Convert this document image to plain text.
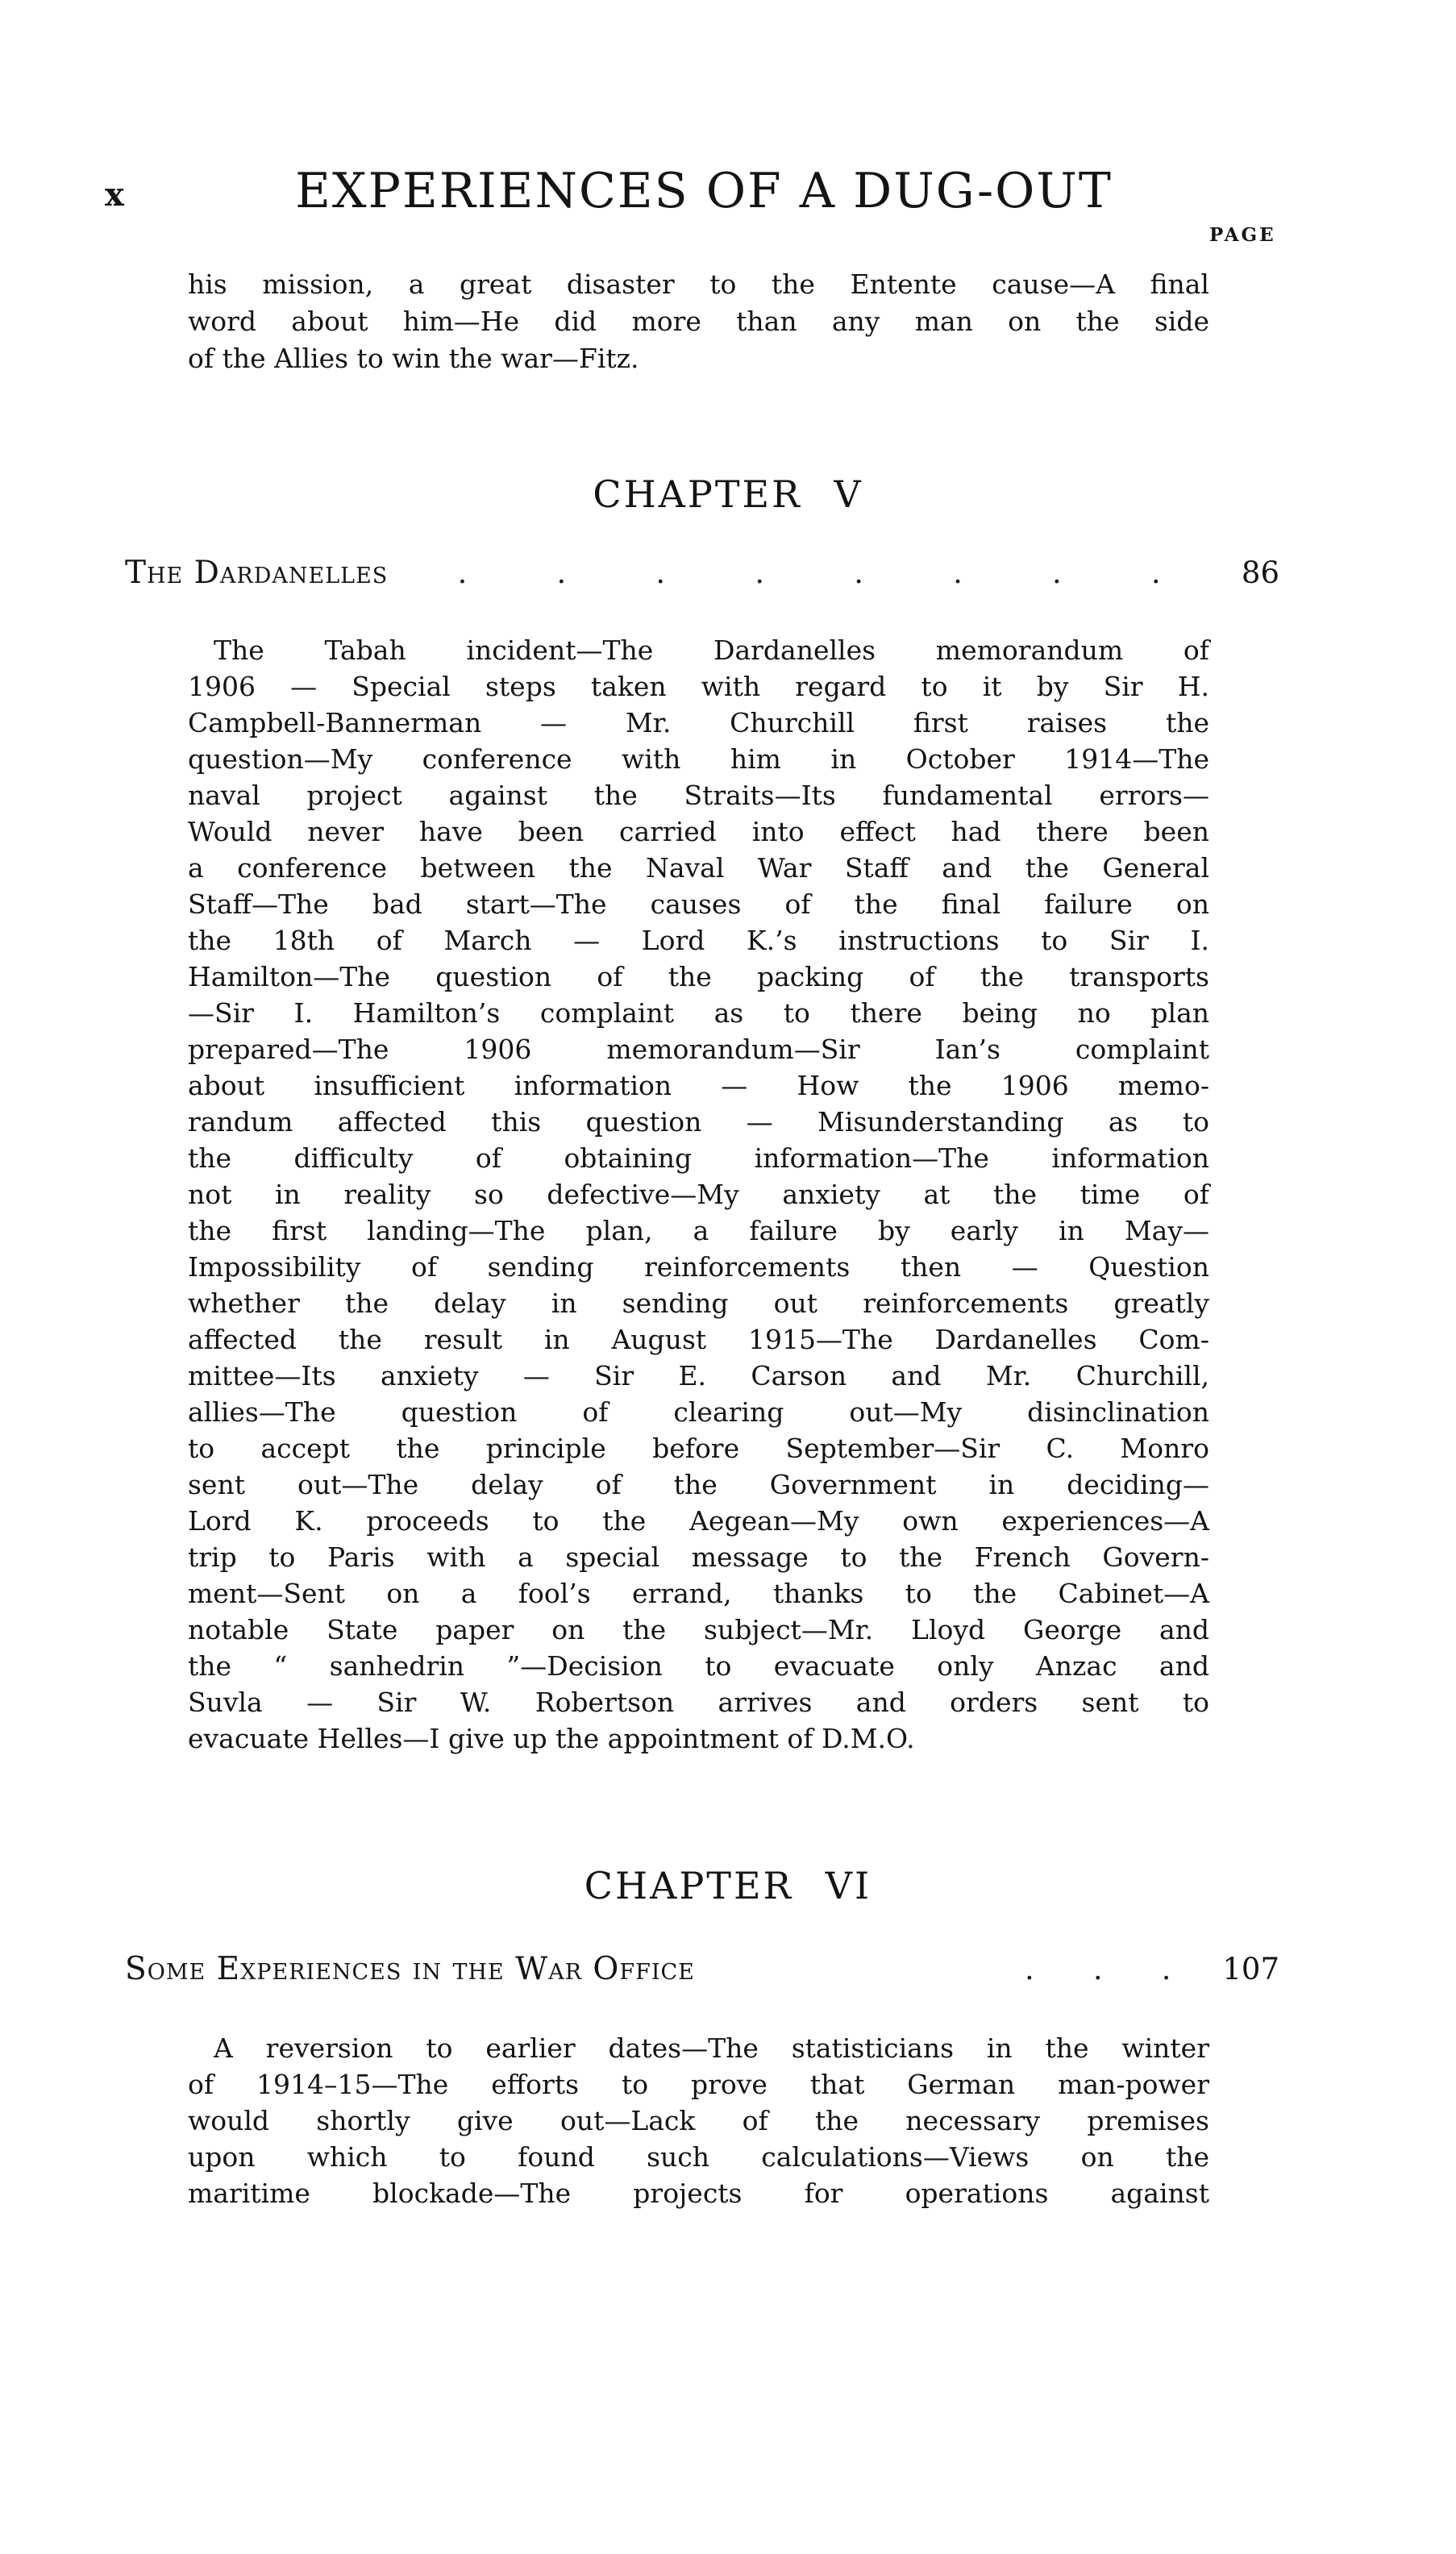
x	EXPERIENCES OF A DUG-OUT
PAGE
his mission, a great disaster to the Entente cause—A final
word about him—He did more than any man on the side
of the Allies to win the war—Fitz.
CHAPTER V
The Dardanelles	. . . . . . . .	86
The Tabah incident—The Dardanelles memorandum of
1906 — Special steps taken with regard to it by Sir H.
Campbell-Bannerman — Mr. Churchill first raises the
question—My conference with him in October 1914—The
naval project against the Straits—Its fundamental errors—
Would never have been carried into effect had there been
a conference between the Naval War Staff and the General
Staff—The bad start—The causes of the final failure on
the 18th of March — Lord K.’s instructions to Sir I.
Hamilton—The question of the packing of the transports
—Sir I. Hamilton’s complaint as to there being no plan
prepared—The 1906 memorandum—Sir Ian’s complaint
about insufficient information — How the 1906 memo-
randum affected this question — Misunderstanding as to
the difficulty of obtaining information—The information
not in reality so defective—My anxiety at the time of
the first landing—The plan, a failure by early in May—
Impossibility of sending reinforcements then — Question
whether the delay in sending out reinforcements greatly
affected the result in August 1915—The Dardanelles Com-
mittee—Its anxiety — Sir E. Carson and Mr. Churchill,
allies—The question of clearing out—My disinclination
to accept the principle before September—Sir C. Monro
sent out—The delay of the Government in deciding—
Lord K. proceeds to the Aegean—My own experiences—A
trip to Paris with a special message to the French Govern-
ment—Sent on a fool’s errand, thanks to the Cabinet—A
notable State paper on the subject—Mr. Lloyd George and
the “ sanhedrin ”—Decision to evacuate only Anzac and
Suvla — Sir W. Robertson arrives and orders sent to
evacuate Helles—I give up the appointment of D.M.O.
CHAPTER VI
Some Experiences in the War Office	. . .	107
A reversion to earlier dates—The statisticians in the winter
of 1914–15—The efforts to prove that German man-power
would shortly give out—Lack of the necessary premises
upon which to found such calculations—Views on the
maritime blockade—The projects for operations against
